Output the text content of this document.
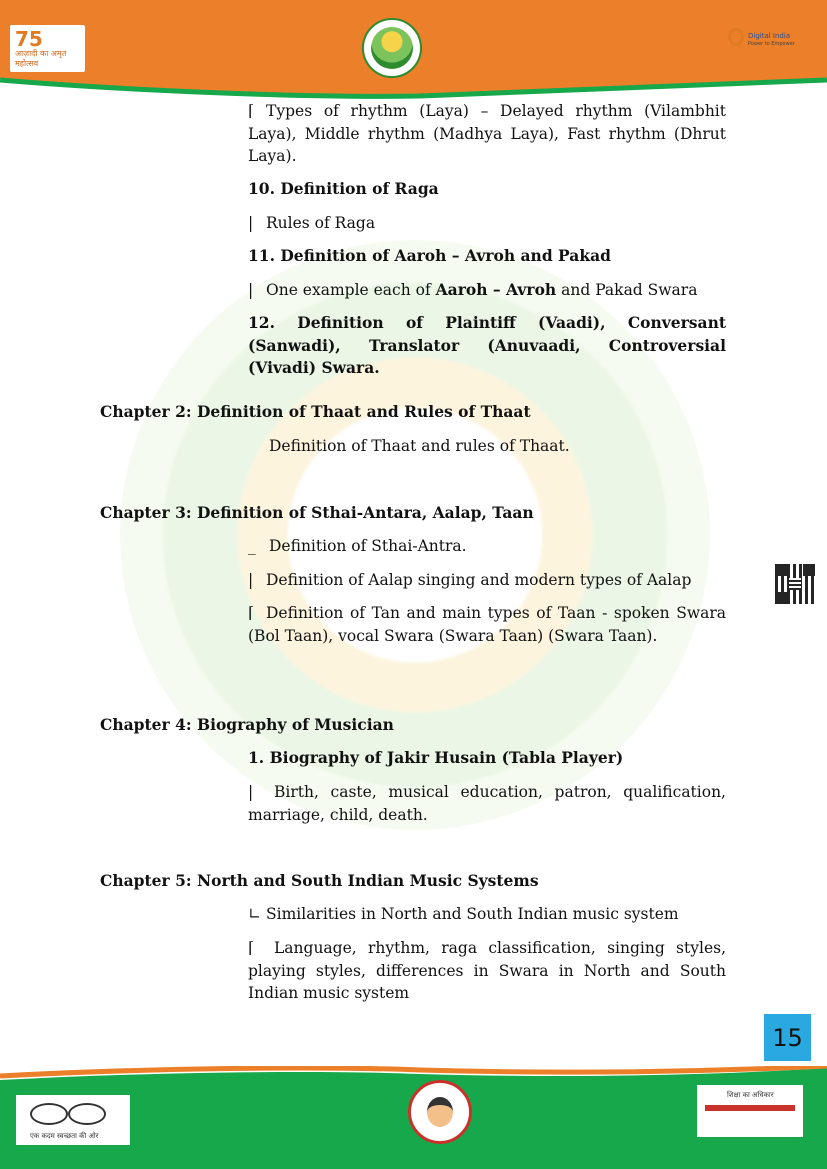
75
आज़ादी का अमृत महोत्सव
Digital India
Power to Empower
⌈ Types of rhythm (Laya) – Delayed rhythm (Vilambhit Laya), Middle rhythm (Madhya Laya), Fast rhythm (Dhrut Laya).
10. Definition of Raga
| Rules of Raga
11. Definition of Aaroh – Avroh and Pakad
| One example each of Aaroh – Avroh and Pakad Swara
12. Definition of Plaintiff (Vaadi), Conversant (Sanwadi), Translator (Anuvaadi, Controversial (Vivadi) Swara.
Chapter 2: Definition of Thaat and Rules of Thaat
Definition of Thaat and rules of Thaat.
Chapter 3: Definition of Sthai-Antara, Aalap, Taan
_ Definition of Sthai-Antra.
| Definition of Aalap singing and modern types of Aalap
⌈ Definition of Tan and main types of Taan - spoken Swara (Bol Taan), vocal Swara (Swara Taan) (Swara Taan).
Chapter 4: Biography of Musician
1. Biography of Jakir Husain (Tabla Player)
| Birth, caste, musical education, patron, qualification, marriage, child, death.
Chapter 5: North and South Indian Music Systems
∟ Similarities in North and South Indian music system
⌈ Language, rhythm, raga classification, singing styles, playing styles, differences in Swara in North and South Indian music system
15
एक कदम स्वच्छता की ओर
शिक्षा का अधिकार
